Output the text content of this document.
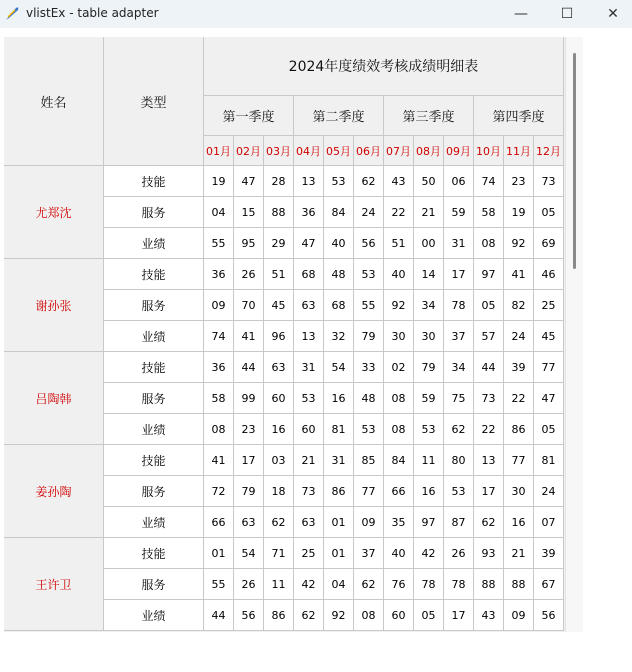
vlistEx - table adapter	— ☐ ✕
姓名	类型
2024年度绩效考核成绩明细表
第一季度	第二季度	第三季度	第四季度
01月 02月 03月 04月 05月 06月 07月 08月 09月 10月 11月 12月
尤郑沈
技能	19	47	28	13	53	62	43	50	06	74	23	73
服务	04	15	88	36	84	24	22	21	59	58	19	05
业绩	55	95	29	47	40	56	51	00	31	08	92	69
谢孙张
技能	36	26	51	68	48	53	40	14	17	97	41	46
服务	09	70	45	63	68	55	92	34	78	05	82	25
业绩	74	41	96	13	32	79	30	30	37	57	24	45
吕陶韩
技能	36	44	63	31	54	33	02	79	34	44	39	77
服务	58	99	60	53	16	48	08	59	75	73	22	47
业绩	08	23	16	60	81	53	08	53	62	22	86	05
姜孙陶
技能	41	17	03	21	31	85	84	11	80	13	77	81
服务	72	79	18	73	86	77	66	16	53	17	30	24
业绩	66	63	62	63	01	09	35	97	87	62	16	07
王许卫
技能	01	54	71	25	01	37	40	42	26	93	21	39
服务	55	26	11	42	04	62	76	78	78	88	88	67
业绩	44	56	86	62	92	08	60	05	17	43	09	56
